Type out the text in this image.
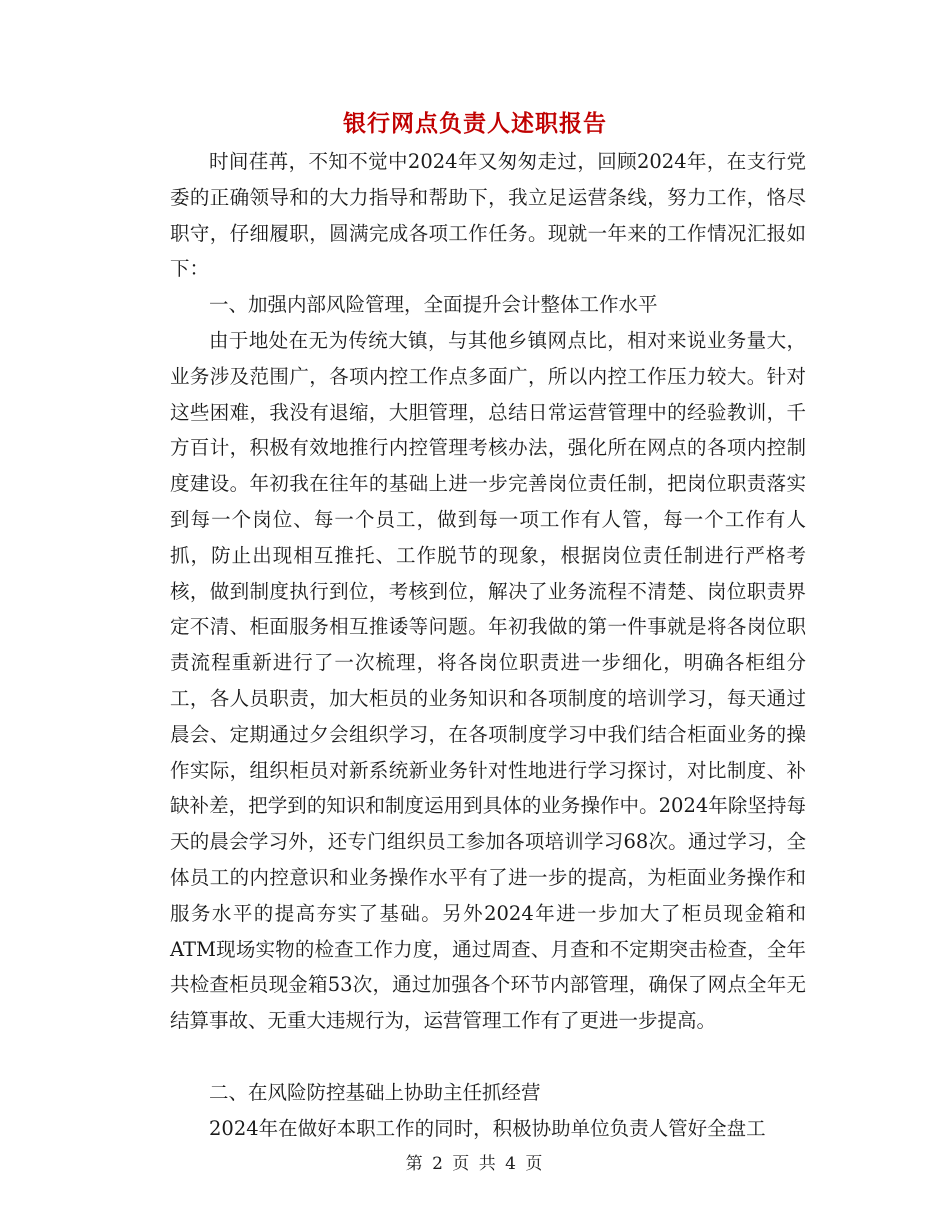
银行网点负责人述职报告

时间荏苒，不知不觉中2024年又匆匆走过，回顾2024年，在支行党委的正确领导和的大力指导和帮助下，我立足运营条线，努力工作，恪尽职守，仔细履职，圆满完成各项工作任务。现就一年来的工作情况汇报如下：

一、加强内部风险管理，全面提升会计整体工作水平

由于地处在无为传统大镇，与其他乡镇网点比，相对来说业务量大，业务涉及范围广，各项内控工作点多面广，所以内控工作压力较大。针对这些困难，我没有退缩，大胆管理，总结日常运营管理中的经验教训，千方百计，积极有效地推行内控管理考核办法，强化所在网点的各项内控制度建设。年初我在往年的基础上进一步完善岗位责任制，把岗位职责落实到每一个岗位、每一个员工，做到每一项工作有人管，每一个工作有人抓，防止出现相互推托、工作脱节的现象，根据岗位责任制进行严格考核，做到制度执行到位，考核到位，解决了业务流程不清楚、岗位职责界定不清、柜面服务相互推诿等问题。年初我做的第一件事就是将各岗位职责流程重新进行了一次梳理，将各岗位职责进一步细化，明确各柜组分工，各人员职责，加大柜员的业务知识和各项制度的培训学习，每天通过晨会、定期通过夕会组织学习，在各项制度学习中我们结合柜面业务的操作实际，组织柜员对新系统新业务针对性地进行学习探讨，对比制度、补缺补差，把学到的知识和制度运用到具体的业务操作中。2024年除坚持每天的晨会学习外，还专门组织员工参加各项培训学习68次。通过学习，全体员工的内控意识和业务操作水平有了进一步的提高，为柜面业务操作和服务水平的提高夯实了基础。另外2024年进一步加大了柜员现金箱和ATM现场实物的检查工作力度，通过周查、月查和不定期突击检查，全年共检查柜员现金箱53次，通过加强各个环节内部管理，确保了网点全年无结算事故、无重大违规行为，运营管理工作有了更进一步提高。

二、在风险防控基础上协助主任抓经营

2024年在做好本职工作的同时，积极协助单位负责人管好全盘工

第 2 页 共 4 页
